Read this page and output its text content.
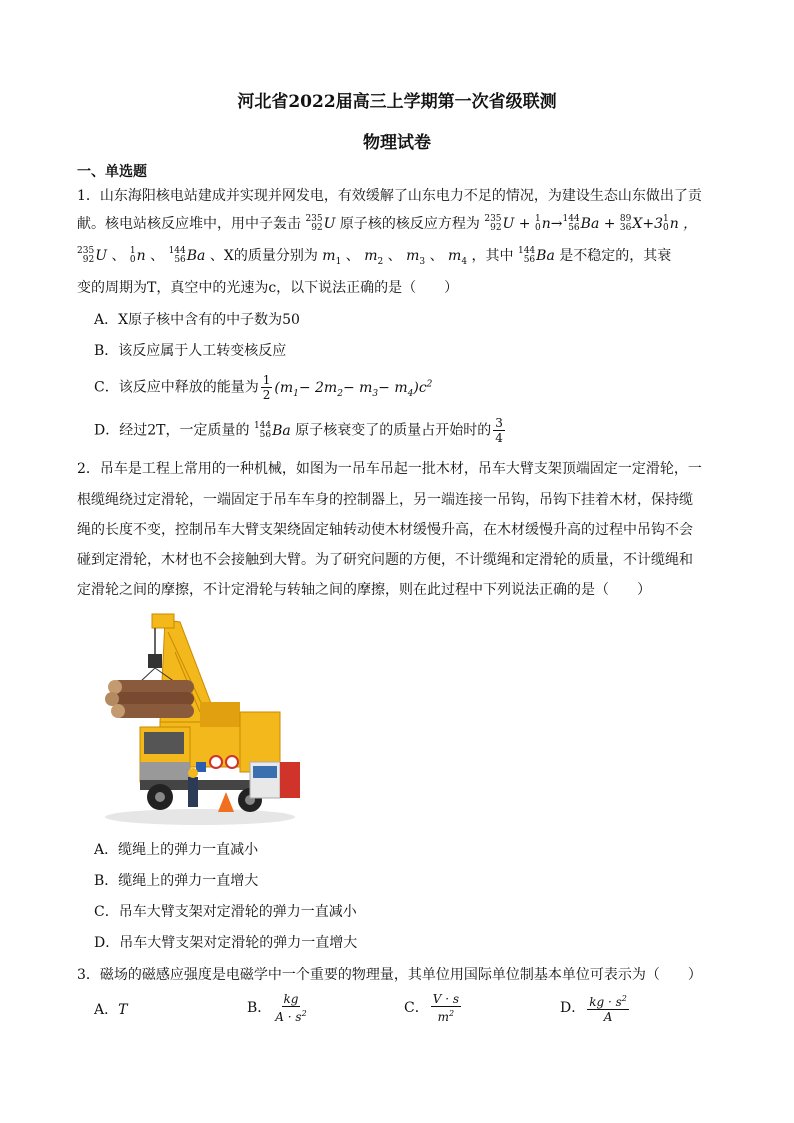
河北省2022届高三上学期第一次省级联测
物理试卷
一、单选题
1．山东海阳核电站建成并实现并网发电，有效缓解了山东电力不足的情况，为建设生态山东做出了贡
献。核电站核反应堆中，用中子轰击 235
92 U 原子核的核反应方程为 235
92 U + 1
0 n→ 144
56 Ba + 89
36 X+3 1
0 n ，
235
92 U 、 1
0 n 、 144
56 Ba 、X的质量分别为 $m_1$ 、 $m_2$ 、 $m_3$ 、 $m_4$ ，其中 144
56 Ba 是不稳定的，其衰
变的周期为T，真空中的光速为c，以下说法正确的是（　　）
A．X原子核中含有的中子数为50
B．该反应属于人工转变核反应
C．该反应中释放的能量为 $\frac{1}{2} (m_1- 2m_2- m_3- m_4)c^2$
D．经过2T，一定质量的 144
56 Ba 原子核衰变了的质量占开始时的 $\frac{3}{4}$
2．吊车是工程上常用的一种机械，如图为一吊车吊起一批木材，吊车大臂支架顶端固定一定滑轮，一
根缆绳绕过定滑轮，一端固定于吊车车身的控制器上，另一端连接一吊钩，吊钩下挂着木材，保持缆
绳的长度不变，控制吊车大臂支架绕固定轴转动使木材缓慢升高，在木材缓慢升高的过程中吊钩不会
碰到定滑轮，木材也不会接触到大臂。为了研究问题的方便，不计缆绳和定滑轮的质量，不计缆绳和
定滑轮之间的摩擦，不计定滑轮与转轴之间的摩擦，则在此过程中下列说法正确的是（　　）
A．缆绳上的弹力一直减小
B．缆绳上的弹力一直增大
C．吊车大臂支架对定滑轮的弹力一直减小
D．吊车大臂支架对定滑轮的弹力一直增大
3．磁场的磁感应强度是电磁学中一个重要的物理量，其单位用国际单位制基本单位可表示为（　　）
A．T	B． $\frac{kg}{A \cdot s^2}$	C． $\frac{V \cdot s}{m^2}$	D． $\frac{kg \cdot s^2}{A}$
